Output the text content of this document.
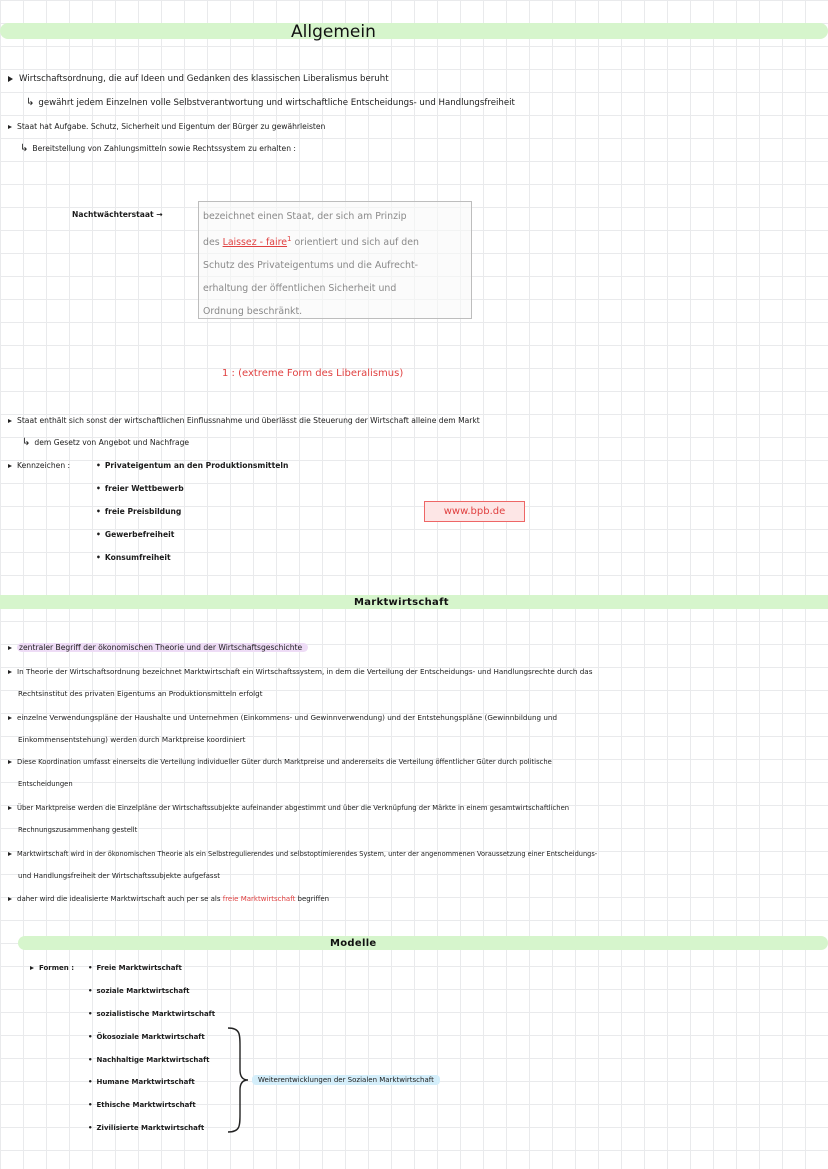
Allgemein
Wirtschaftsordnung, die auf Ideen und Gedanken des klassischen Liberalismus beruht
↳ gewährt jedem Einzelnen volle Selbstverantwortung und wirtschaftliche Entscheidungs- und Handlungsfreiheit
Staat hat Aufgabe. Schutz, Sicherheit und Eigentum der Bürger zu gewährleisten
↳ Bereitstellung von Zahlungsmitteln sowie Rechtssystem zu erhalten :
Nachtwächterstaat →	bezeichnet einen Staat, der sich am Prinzip
des Laissez - faire$^1$ orientiert und sich auf den
Schutz des Privateigentums und die Aufrecht-
erhaltung der öffentlichen Sicherheit und
Ordnung beschränkt.
1 : (extreme Form des Liberalismus)
Staat enthält sich sonst der wirtschaftlichen Einflussnahme und überlässt die Steuerung der Wirtschaft alleine dem Markt
↳ dem Gesetz von Angebot und Nachfrage
Kennzeichen :	• Privateigentum an den Produktionsmitteln
• freier Wettbewerb
• freie Preisbildung
• Gewerbefreiheit
• Konsumfreiheit
www.bpb.de
Marktwirtschaft
zentraler Begriff der ökonomischen Theorie und der Wirtschaftsgeschichte
In Theorie der Wirtschaftsordnung bezeichnet Marktwirtschaft ein Wirtschaftssystem, in dem die Verteilung der Entscheidungs- und Handlungsrechte durch das
Rechtsinstitut des privaten Eigentums an Produktionsmitteln erfolgt
einzelne Verwendungspläne der Haushalte und Unternehmen (Einkommens- und Gewinnverwendung) und der Entstehungspläne (Gewinnbildung und
Einkommensentstehung) werden durch Marktpreise koordiniert
Diese Koordination umfasst einerseits die Verteilung individueller Güter durch Marktpreise und andererseits die Verteilung öffentlicher Güter durch politische
Entscheidungen
Über Marktpreise werden die Einzelpläne der Wirtschaftssubjekte aufeinander abgestimmt und über die Verknüpfung der Märkte in einem gesamtwirtschaftlichen
Rechnungszusammenhang gestellt
Marktwirtschaft wird in der ökonomischen Theorie als ein Selbstregulierendes und selbstoptimierendes System, unter der angenommenen Voraussetzung einer Entscheidungs-
und Handlungsfreiheit der Wirtschaftssubjekte aufgefasst
daher wird die idealisierte Marktwirtschaft auch per se als freie Marktwirtschaft begriffen
Modelle
Formen :	• Freie Marktwirtschaft
• soziale Marktwirtschaft
• sozialistische Marktwirtschaft
• Ökosoziale Marktwirtschaft
• Nachhaltige Marktwirtschaft
• Humane Marktwirtschaft
• Ethische Marktwirtschaft
• Zivilisierte Marktwirtschaft
Weiterentwicklungen der Sozialen Marktwirtschaft
